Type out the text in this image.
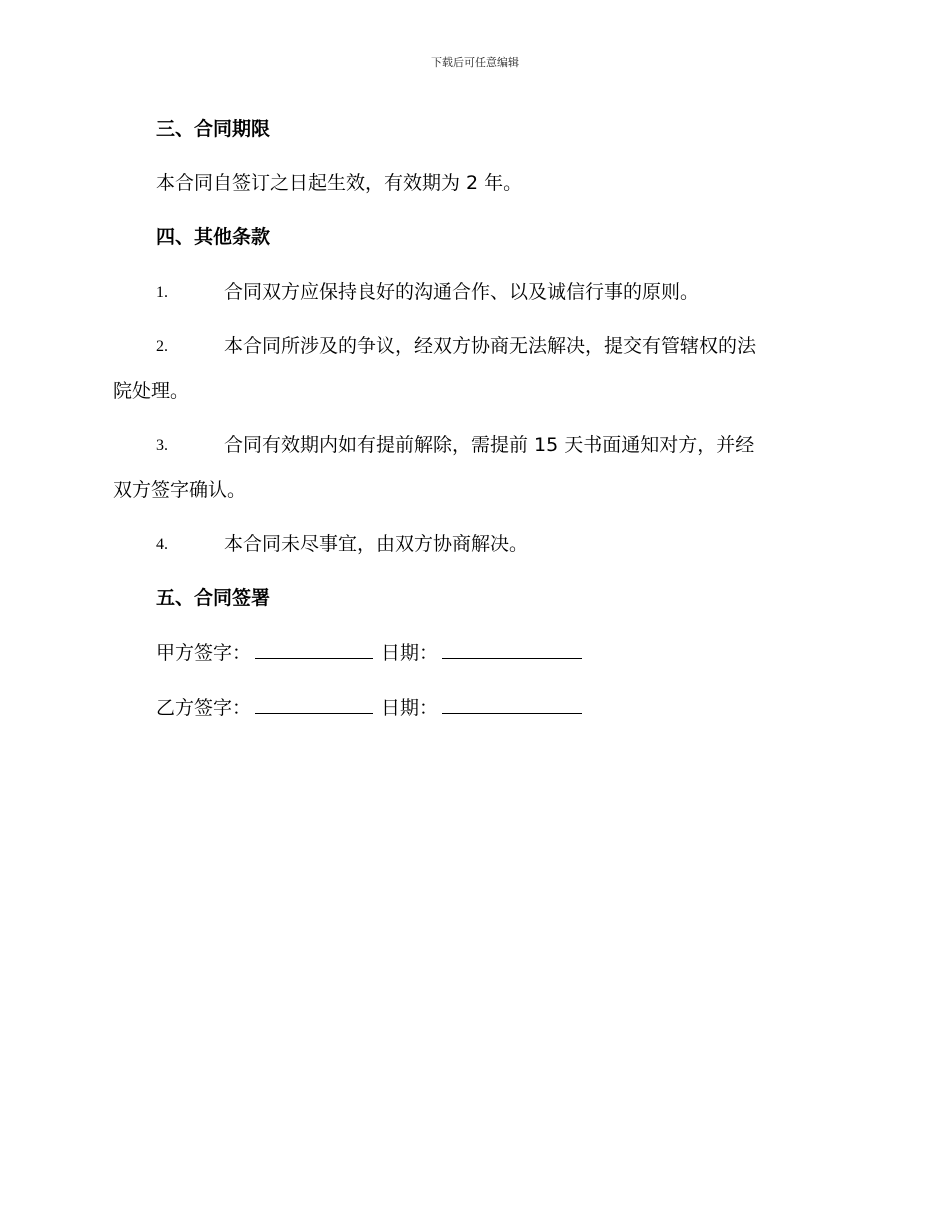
下载后可任意编辑
三、合同期限
本合同自签订之日起生效，有效期为 2 年。
四、其他条款
1.	合同双方应保持良好的沟通合作、以及诚信行事的原则。
2.	本合同所涉及的争议，经双方协商无法解决，提交有管辖权的法
院处理。
3.	合同有效期内如有提前解除，需提前 15 天书面通知对方，并经
双方签字确认。
4.	本合同未尽事宜，由双方协商解决。
五、合同签署
甲方签字：	日期：
乙方签字：	日期：
